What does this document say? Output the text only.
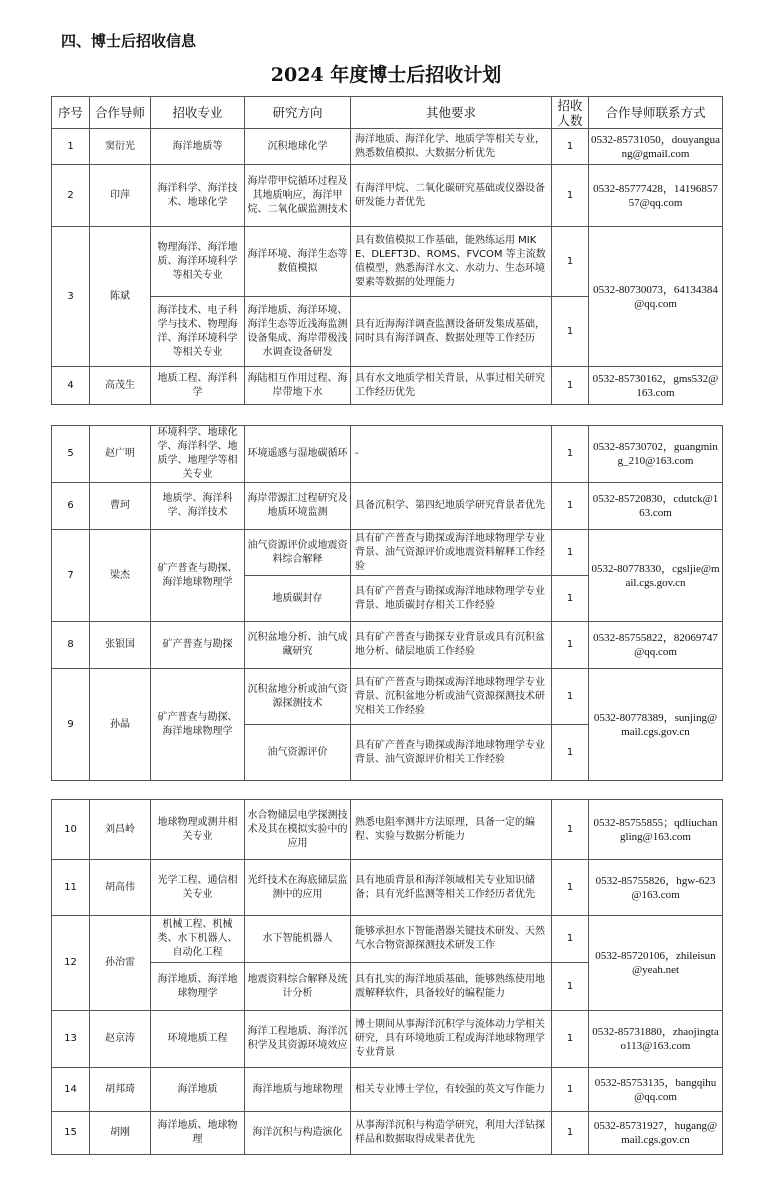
四、博士后招收信息
2024 年度博士后招收计划
序号	合作导师	招收专业	研究方向	其他要求	招收人数	合作导师联系方式
1	窦衍光	海洋地质等	沉积地球化学	海洋地质、海洋化学、地质学等相关专业，熟悉数值模拟、大数据分析优先	1	0532-85731050，douyanguang@gmail.com
2	印萍	海洋科学、海洋技术、地球化学	海岸带甲烷循环过程及其地质响应，海洋甲烷、二氧化碳监测技术	有海洋甲烷、二氧化碳研究基础或仪器设备研发能力者优先	1	0532-85777428，1419685757@qq.com
3	陈斌	物理海洋、海洋地质、海洋环境科学等相关专业	海洋环境、海洋生态等数值模拟	具有数值模拟工作基础，能熟练运用 MIKE、DLEFT3D、ROMS、FVCOM 等主流数值模型，熟悉海洋水文、水动力、生态环境要素等数据的处理能力	1	0532-80730073，64134384@qq.com
		海洋技术、电子科学与技术、物理海洋、海洋环境科学等相关专业	海洋地质、海洋环境、海洋生态等近浅海监测设备集成、海岸带极浅水调查设备研发	具有近海海洋调查监测设备研发集成基础，同时具有海洋调查、数据处理等工作经历	1	
4	高茂生	地质工程、海洋科学	海陆相互作用过程、海岸带地下水	具有水文地质学相关背景，从事过相关研究工作经历优先	1	0532-85730162，gms532@163.com
5	赵广明	环境科学、地球化学、海洋科学、地质学、地理学等相关专业	环境遥感与湿地碳循环	-	1	0532-85730702，guangming_210@163.com
6	曹珂	地质学、海洋科学、海洋技术	海岸带源汇过程研究及地质环境监测	具备沉积学、第四纪地质学研究背景者优先	1	0532-85720830，cdutck@163.com
7	梁杰	矿产普查与勘探、海洋地球物理学	油气资源评价或地震资料综合解释	具有矿产普查与勘探或海洋地球物理学专业背景、油气资源评价或地震资料解释工作经验	1	0532-80778330，cgsljie@mail.cgs.gov.cn
			地质碳封存	具有矿产普查与勘探或海洋地球物理学专业背景、地质碳封存相关工作经验	1	
8	张银国	矿产普查与勘探	沉积盆地分析、油气成藏研究	具有矿产普查与勘探专业背景或具有沉积盆地分析、储层地质工作经验	1	0532-85755822，82069747@qq.com
9	孙晶	矿产普查与勘探、海洋地球物理学	沉积盆地分析或油气资源探测技术	具有矿产普查与勘探或海洋地球物理学专业背景、沉积盆地分析或油气资源探测技术研究相关工作经验	1	0532-80778389，sunjing@mail.cgs.gov.cn
			油气资源评价	具有矿产普查与勘探或海洋地球物理学专业背景、油气资源评价相关工作经验	1	
10	刘昌岭	地球物理或测井相关专业	水合物储层电学探测技术及其在模拟实验中的应用	熟悉电阻率测井方法原理，具备一定的编程、实验与数据分析能力	1	0532-85755855；qdliuchangling@163.com
11	胡高伟	光学工程、通信相关专业	光纤技术在海底储层监测中的应用	具有地质背景和海洋领域相关专业知识储备；具有光纤监测等相关工作经历者优先	1	0532-85755826，hgw-623@163.com
12	孙治雷	机械工程、机械类、水下机器人、自动化工程	水下智能机器人	能够承担水下智能潜器关键技术研发、天然气水合物资源探测技术研发工作	1	0532-85720106，zhileisun@yeah.net
		海洋地质、海洋地球物理学	地震资料综合解释及统计分析	具有扎实的海洋地质基础，能够熟练使用地震解释软件，具备较好的编程能力	1	
13	赵京涛	环境地质工程	海洋工程地质、海洋沉积学及其资源环境效应	博士期间从事海洋沉积学与流体动力学相关研究，具有环境地质工程或海洋地球物理学专业背景	1	0532-85731880，zhaojingtao113@163.com
14	胡邦琦	海洋地质	海洋地质与地球物理	相关专业博士学位，有较强的英文写作能力	1	0532-85753135，bangqihu@qq.com
15	胡刚	海洋地质、地球物理	海洋沉积与构造演化	从事海洋沉积与构造学研究，利用大洋钻探样品和数据取得成果者优先	1	0532-85731927，hugang@mail.cgs.gov.cn
